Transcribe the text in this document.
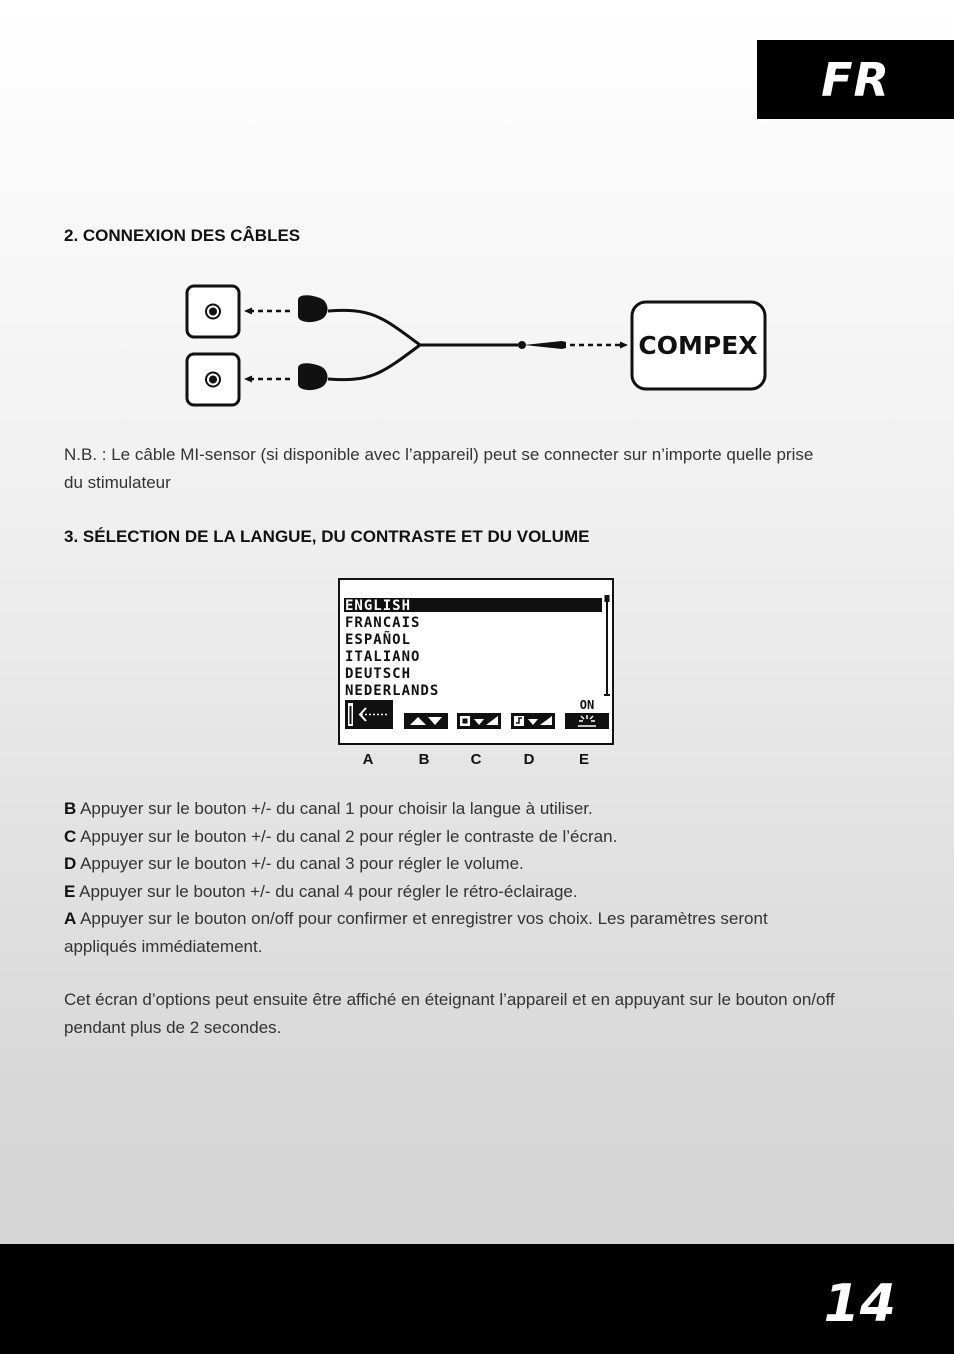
FR
2. CONNEXION DES CÂBLES
COMPEX

N.B. : Le câble MI-sensor (si disponible avec l’appareil) peut se connecter sur n’importe quelle prise
du stimulateur

3. SÉLECTION DE LA LANGUE, DU CONTRASTE ET DU VOLUME
ENGLISH
FRANCAIS
ESPAÑOL
ITALIANO
DEUTSCH
NEDERLANDS
ON
A	B	C	D	E

B Appuyer sur le bouton +/- du canal 1 pour choisir la langue à utiliser.
C Appuyer sur le bouton +/- du canal 2 pour régler le contraste de l’écran.
D Appuyer sur le bouton +/- du canal 3 pour régler le volume.
E Appuyer sur le bouton +/- du canal 4 pour régler le rétro-éclairage.
A Appuyer sur le bouton on/off pour confirmer et enregistrer vos choix. Les paramètres seront
appliqués immédiatement.

Cet écran d’options peut ensuite être affiché en éteignant l’appareil et en appuyant sur le bouton on/off
pendant plus de 2 secondes.

14
